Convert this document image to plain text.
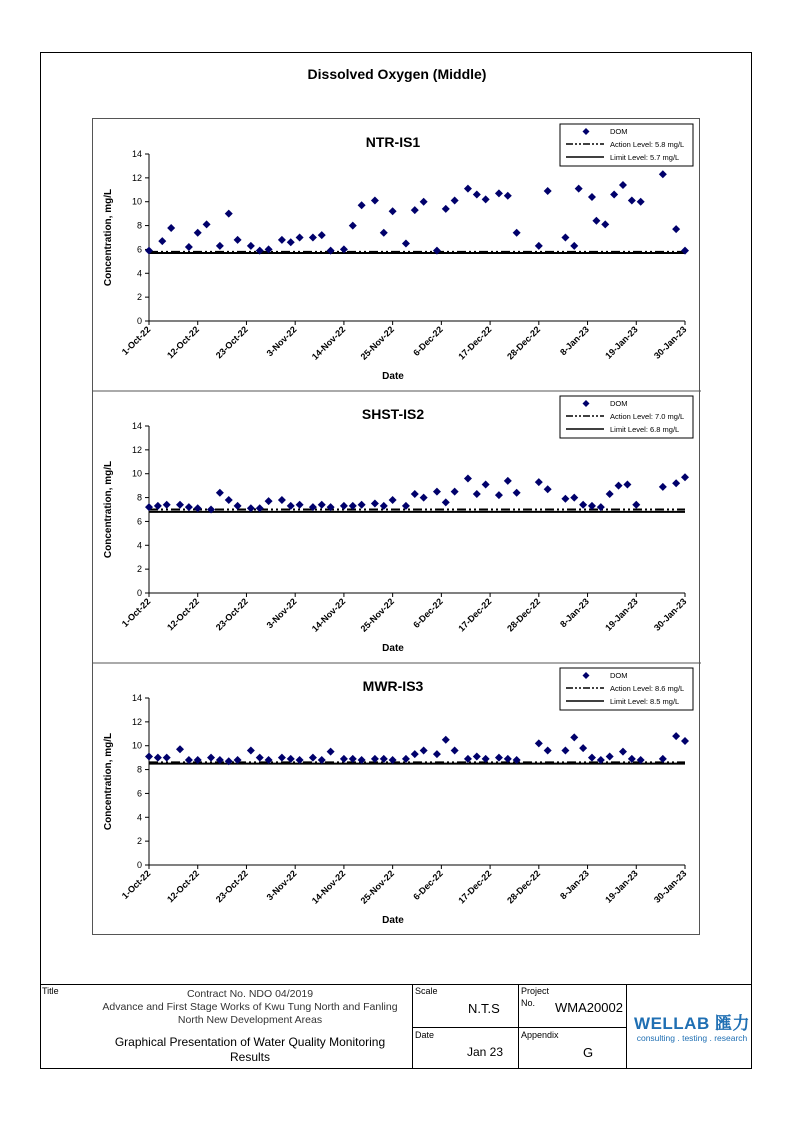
Dissolved Oxygen (Middle)
NTR-IS1
0
2
4
6
8
10
12
14
Concentration, mg/L
1-Oct-22 12-Oct-22 23-Oct-22 3-Nov-22 14-Nov-22 25-Nov-22 6-Dec-22 17-Dec-22 28-Dec-22 8-Jan-23 19-Jan-23 30-Jan-23
Date
DOM
Action Level: 5.8 mg/L
Limit Level: 5.7 mg/L
SHST-IS2
0
2
4
6
8
10
12
14
Concentration, mg/L
1-Oct-22 12-Oct-22 23-Oct-22 3-Nov-22 14-Nov-22 25-Nov-22 6-Dec-22 17-Dec-22 28-Dec-22 8-Jan-23 19-Jan-23 30-Jan-23
Date
DOM
Action Level: 7.0 mg/L
Limit Level: 6.8 mg/L
MWR-IS3
0
2
4
6
8
10
12
14
Concentration, mg/L
1-Oct-22 12-Oct-22 23-Oct-22 3-Nov-22 14-Nov-22 25-Nov-22 6-Dec-22 17-Dec-22 28-Dec-22 8-Jan-23 19-Jan-23 30-Jan-23
Date
DOM
Action Level: 8.6 mg/L
Limit Level: 8.5 mg/L
Title	Contract No. NDO 04/2019
Advance and First Stage Works of Kwu Tung North and Fanling
North New Development Areas
Graphical Presentation of Water Quality Monitoring Results
Scale
N.T.S
Project
No. WMA20002
Date
Jan 23
Appendix
G
WELLAB 匯力
consulting . testing . research
